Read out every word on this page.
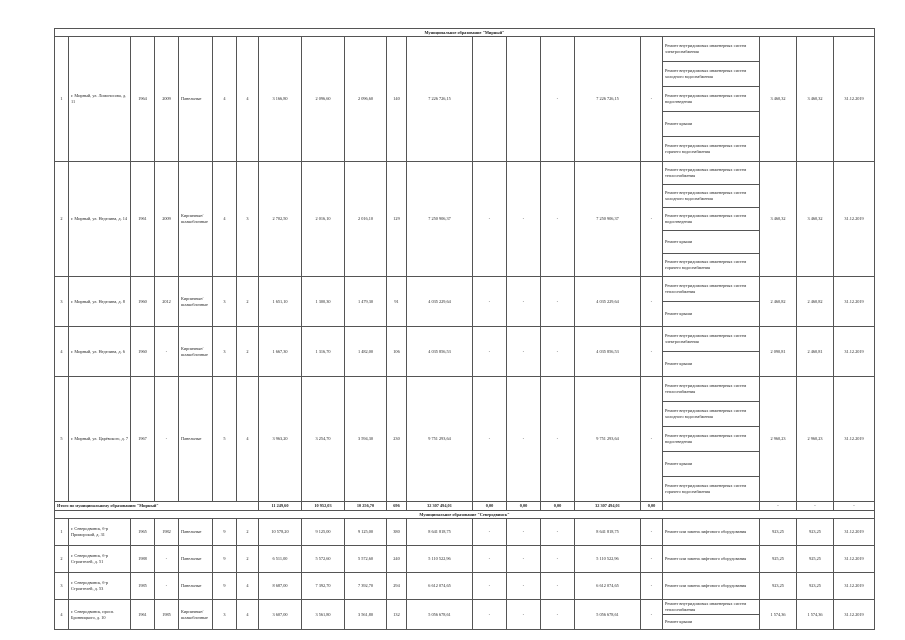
Муниципальное образование "Мирный"																				
1	г. Мирный, ул. Ломоносова, д. 11	1964	2009	Панельные	4	4	3 166,80	2 096,60	2 096,60	140	7 226 726,15			-	7 226 726,15	-	Ремонт внутридомовых инженерных систем электроснабжения	3 460,32	3 460,32	31.12.2019
																	Ремонт внутридомовых инженерных систем холодного водоснабжения			
																	Ремонт внутридомовых инженерных систем водоотведения			
																	Ремонт крыши			
																	Ремонт внутридомовых инженерных систем горячего водоснабжения			
2	г. Мирный, ул. Неделина, д. 14	1961	2009	Кирпичные/ шлакоблочные	4	3	2 702,50	2 016,10	2 016,10	129	7 250 906,37	-	-	-	7 250 906,37	-	Ремонт внутридомовых инженерных систем теплоснабжения	3 460,32	3 460,32	31.12.2019
																	Ремонт внутридомовых инженерных систем холодного водоснабжения			
																	Ремонт внутридомовых инженерных систем водоотведения			
																	Ремонт крыши			
																	Ремонт внутридомовых инженерных систем горячего водоснабжения			
3	г. Мирный, ул. Неделина, д. 8	1960	2012	Кирпичные/ шлакоблочные	3	2	1 651,10	1 300,30	1 479,30	91	4 035 229,64	-	-	-	4 035 229,64	-	Ремонт внутридомовых инженерных систем теплоснабжения	2 460,82	2 460,82	31.12.2019
																	Ремонт крыши			
4	г. Мирный, ул. Неделина, д. 6	1960	-	Кирпичные/ шлакоблочные	3	2	1 667,30	1 316,70	1 482,00	106	4 035 856,53	-	-	-	4 035 856,53	-	Ремонт внутридомовых инженерных систем электроснабжения	2 090,81	2 460,81	31.12.2019
																	Ремонт крыши			
5	г. Мирный, ул. Царёвского, д. 7	1967	-	Панельные	5	4	3 963,20	3 254,70	3 594,30	230	9 751 293,64	-	-	-	9 751 293,64	-	Ремонт внутридомовых инженерных систем теплоснабжения	2 960,23	2 960,23	31.12.2019
																	Ремонт внутридомовых инженерных систем холодного водоснабжения			
																	Ремонт внутридомовых инженерных систем водоотведения			
																	Ремонт крыши			
																	Ремонт внутридомовых инженерных систем горячего водоснабжения			
Итого по муниципальному образованию "Мирный"							11 249,60	10 952,03	10 256,70	696	32 307 494,01	0,00	0,00	0,00	32 307 494,01	0,00		-	-	-
Муниципальное образование "Северодвинск"																				
1	г. Северодвинск, б-р Приморский, д. 31	1965	1982	Панельные	9	2	10 578,20	9 125,00	9 125,00	380	8 641 818,75	-	-	-	8 641 818,75	-	Ремонт или замена лифтового оборудования	923,25	923,25	31.12.2019
2	г. Северодвинск, б-р Строителей, д. 51	1988	-	Панельные	9	2	6 511,00	5 572,60	5 572,60	240	5 110 522,96	-	-	-	5 110 522,96	-	Ремонт или замена лифтового оборудования	925,25	925,25	31.12.2019
3	г. Северодвинск, б-р Строителей, д. 53	1985	-	Панельные	9	4	8 687,00	7 392,70	7 392,70	294	6 612 074,65	-	-	-	6 612 074,65	-	Ремонт или замена лифтового оборудования	923,25	923,25	31.12.2019
4	г. Северодвинск, просп. Бронницкого, д. 10	1961	1985	Кирпичные/ шлакоблочные	3	4	3 607,00	3 561,80	3 561,80	132	5 056 678,61	-	-	-	5 056 678,61	-	Ремонт внутридомовых инженерных систем теплоснабжения	1 574,36	1 574,36	31.12.2019
																	Ремонт крыши			
